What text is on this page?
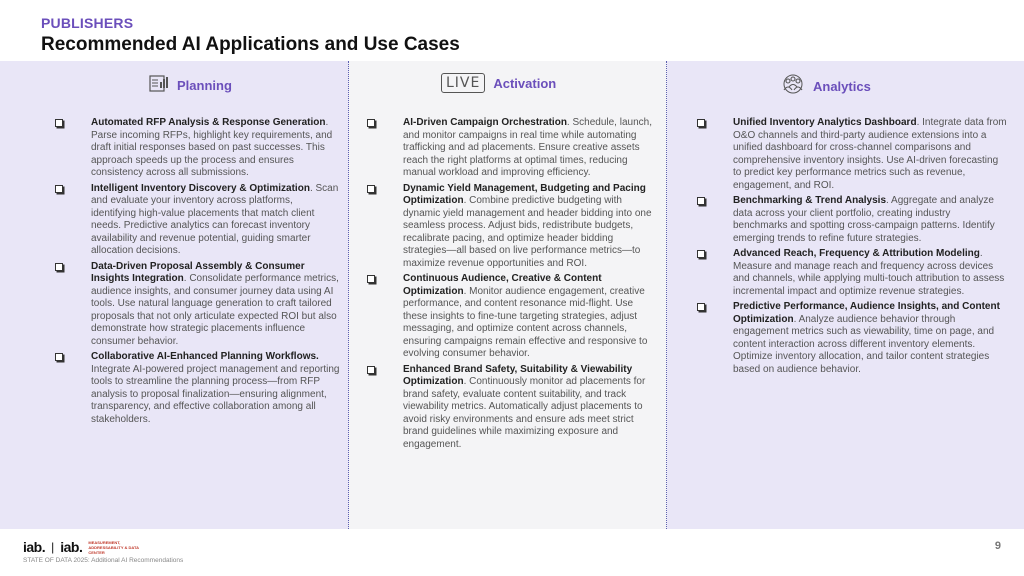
PUBLISHERS
Recommended AI Applications and Use Cases
Planning
Automated RFP Analysis & Response Generation. Parse incoming RFPs, highlight key requirements, and draft initial responses based on past successes. This approach speeds up the process and ensures consistency across all submissions.
Intelligent Inventory Discovery & Optimization. Scan and evaluate your inventory across platforms, identifying high-value placements that match client needs. Predictive analytics can forecast inventory availability and revenue potential, guiding smarter allocation decisions.
Data-Driven Proposal Assembly & Consumer Insights Integration. Consolidate performance metrics, audience insights, and consumer journey data using AI tools. Use natural language generation to craft tailored proposals that not only articulate expected ROI but also demonstrate how strategic placements influence consumer behavior.
Collaborative AI-Enhanced Planning Workflows. Integrate AI-powered project management and reporting tools to streamline the planning process—from RFP analysis to proposal finalization—ensuring alignment, transparency, and effective collaboration among all stakeholders.
LIVE	Activation
AI-Driven Campaign Orchestration. Schedule, launch, and monitor campaigns in real time while automating trafficking and ad placements. Ensure creative assets reach the right platforms at optimal times, reducing manual workload and improving efficiency.
Dynamic Yield Management, Budgeting and Pacing Optimization. Combine predictive budgeting with dynamic yield management and header bidding into one seamless process. Adjust bids, redistribute budgets, recalibrate pacing, and optimize header bidding strategies—all based on live performance metrics—to maximize revenue opportunities and ROI.
Continuous Audience, Creative & Content Optimization. Monitor audience engagement, creative performance, and content resonance mid-flight. Use these insights to fine-tune targeting strategies, adjust messaging, and optimize content across channels, ensuring campaigns remain effective and responsive to evolving consumer behavior.
Enhanced Brand Safety, Suitability & Viewability Optimization. Continuously monitor ad placements for brand safety, evaluate content suitability, and track viewability metrics. Automatically adjust placements to avoid risky environments and ensure ads meet strict brand guidelines while maximizing exposure and engagement.
Analytics
Unified Inventory Analytics Dashboard. Integrate data from O&O channels and third-party audience extensions into a unified dashboard for cross-channel comparisons and comprehensive inventory insights. Use AI-driven forecasting to predict key performance metrics such as revenue, engagement, and ROI.
Benchmarking & Trend Analysis. Aggregate and analyze data across your client portfolio, creating industry benchmarks and spotting cross-campaign patterns. Identify emerging trends to refine future strategies.
Advanced Reach, Frequency & Attribution Modeling. Measure and manage reach and frequency across devices and channels, while applying multi-touch attribution to assess incremental impact and optimize revenue strategies.
Predictive Performance, Audience Insights, and Content Optimization. Analyze audience behavior through engagement metrics such as viewability, time on page, and content interaction across different inventory elements. Optimize inventory allocation, and tailor content strategies based on audience behavior.
iab. | iab. MEASUREMENT, ADDRESSABILITY & DATA CENTER
STATE OF DATA 2025: Additional AI Recommendations
9
